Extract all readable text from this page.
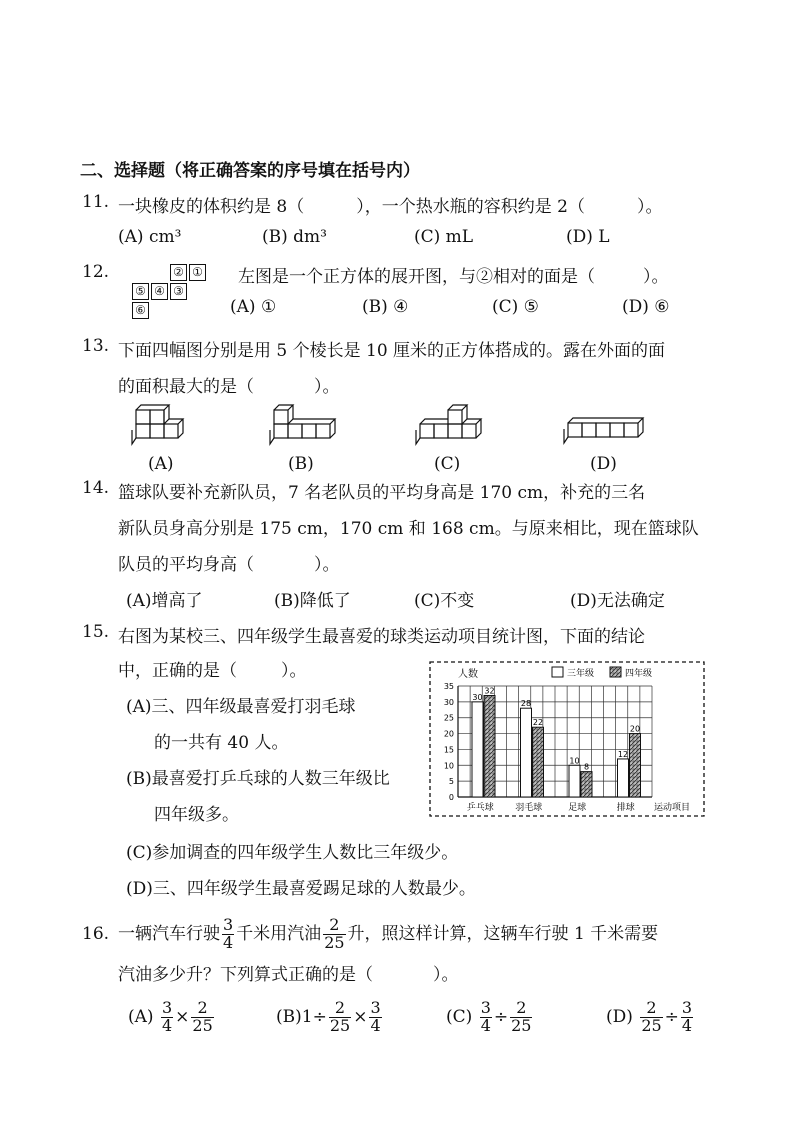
二、选择题（将正确答案的序号填在括号内）
11. 一块橡皮的体积约是 8（	），一个热水瓶的容积约是 2（	）。
(A) cm³	(B) dm³	(C) mL	(D) L
12.	② ①
⑤ ④ ③
⑥
左图是一个正方体的展开图，与②相对的面是（	）。
(A) ①	(B) ④	(C) ⑤	(D) ⑥
13. 下面四幅图分别是用 5 个棱长是 10 厘米的正方体搭成的。露在外面的面
的面积最大的是（	）。
(A)	(B)	(C)	(D)
14. 篮球队要补充新队员，7 名老队员的平均身高是 170 cm，补充的三名
新队员身高分别是 175 cm，170 cm 和 168 cm。与原来相比，现在篮球队
队员的平均身高（	）。
(A)增高了	(B)降低了	(C)不变	(D)无法确定
15. 右图为某校三、四年级学生最喜爱的球类运动项目统计图，下面的结论
中，正确的是（	）。
(A)三、四年级最喜爱打羽毛球
的一共有 40 人。
(B)最喜爱打乒乓球的人数三年级比
四年级多。
(C)参加调查的四年级学生人数比三年级少。
(D)三、四年级学生最喜爱踢足球的人数最少。
0
5
10
15
20
25
30
35
30
32
乒乓球
28
22
羽毛球
10
8
足球
12
20
排球
人数
运动项目
三年级	四年级
16. 一辆汽车行驶 $\frac{3}{4}$ 千米用汽油 $\frac{2}{25}$ 升，照这样计算，这辆车行驶 1 千米需要
汽油多少升？下列算式正确的是（	）。
$(A) \frac{3}{4} \times \frac{2}{25}$	$(B)1\div \frac{2}{25} \times \frac{3}{4}$	$(C) \frac{3}{4} \div \frac{2}{25}$	$(D) \frac{2}{25} \div \frac{3}{4}$
